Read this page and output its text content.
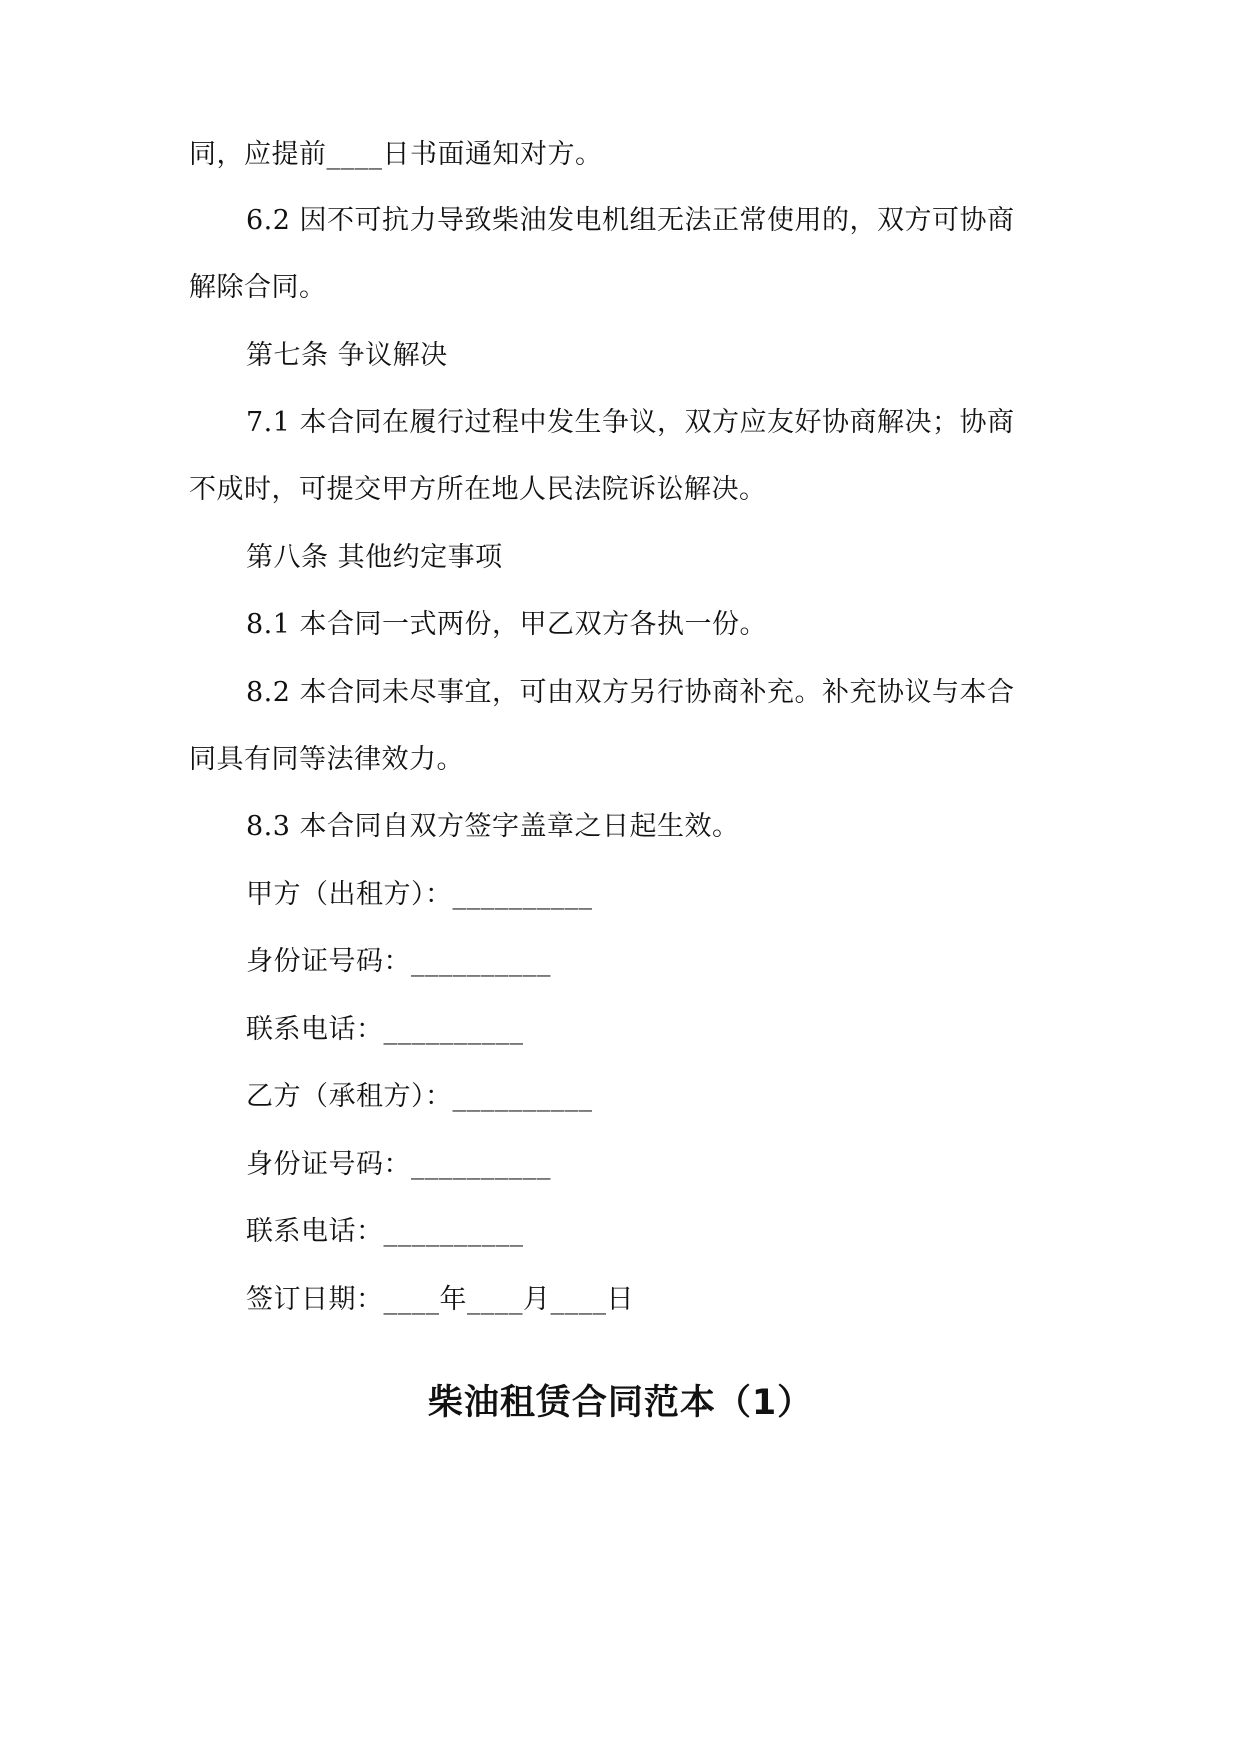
同，应提前____日书面通知对方。
6.2 因不可抗力导致柴油发电机组无法正常使用的，双方可协商
解除合同。
第七条 争议解决
7.1 本合同在履行过程中发生争议，双方应友好协商解决；协商
不成时，可提交甲方所在地人民法院诉讼解决。
第八条 其他约定事项
8.1 本合同一式两份，甲乙双方各执一份。
8.2 本合同未尽事宜，可由双方另行协商补充。补充协议与本合
同具有同等法律效力。
8.3 本合同自双方签字盖章之日起生效。
甲方（出租方）：__________
身份证号码：__________
联系电话：__________
乙方（承租方）：__________
身份证号码：__________
联系电话：__________
签订日期：____年____月____日
柴油租赁合同范本（1）
